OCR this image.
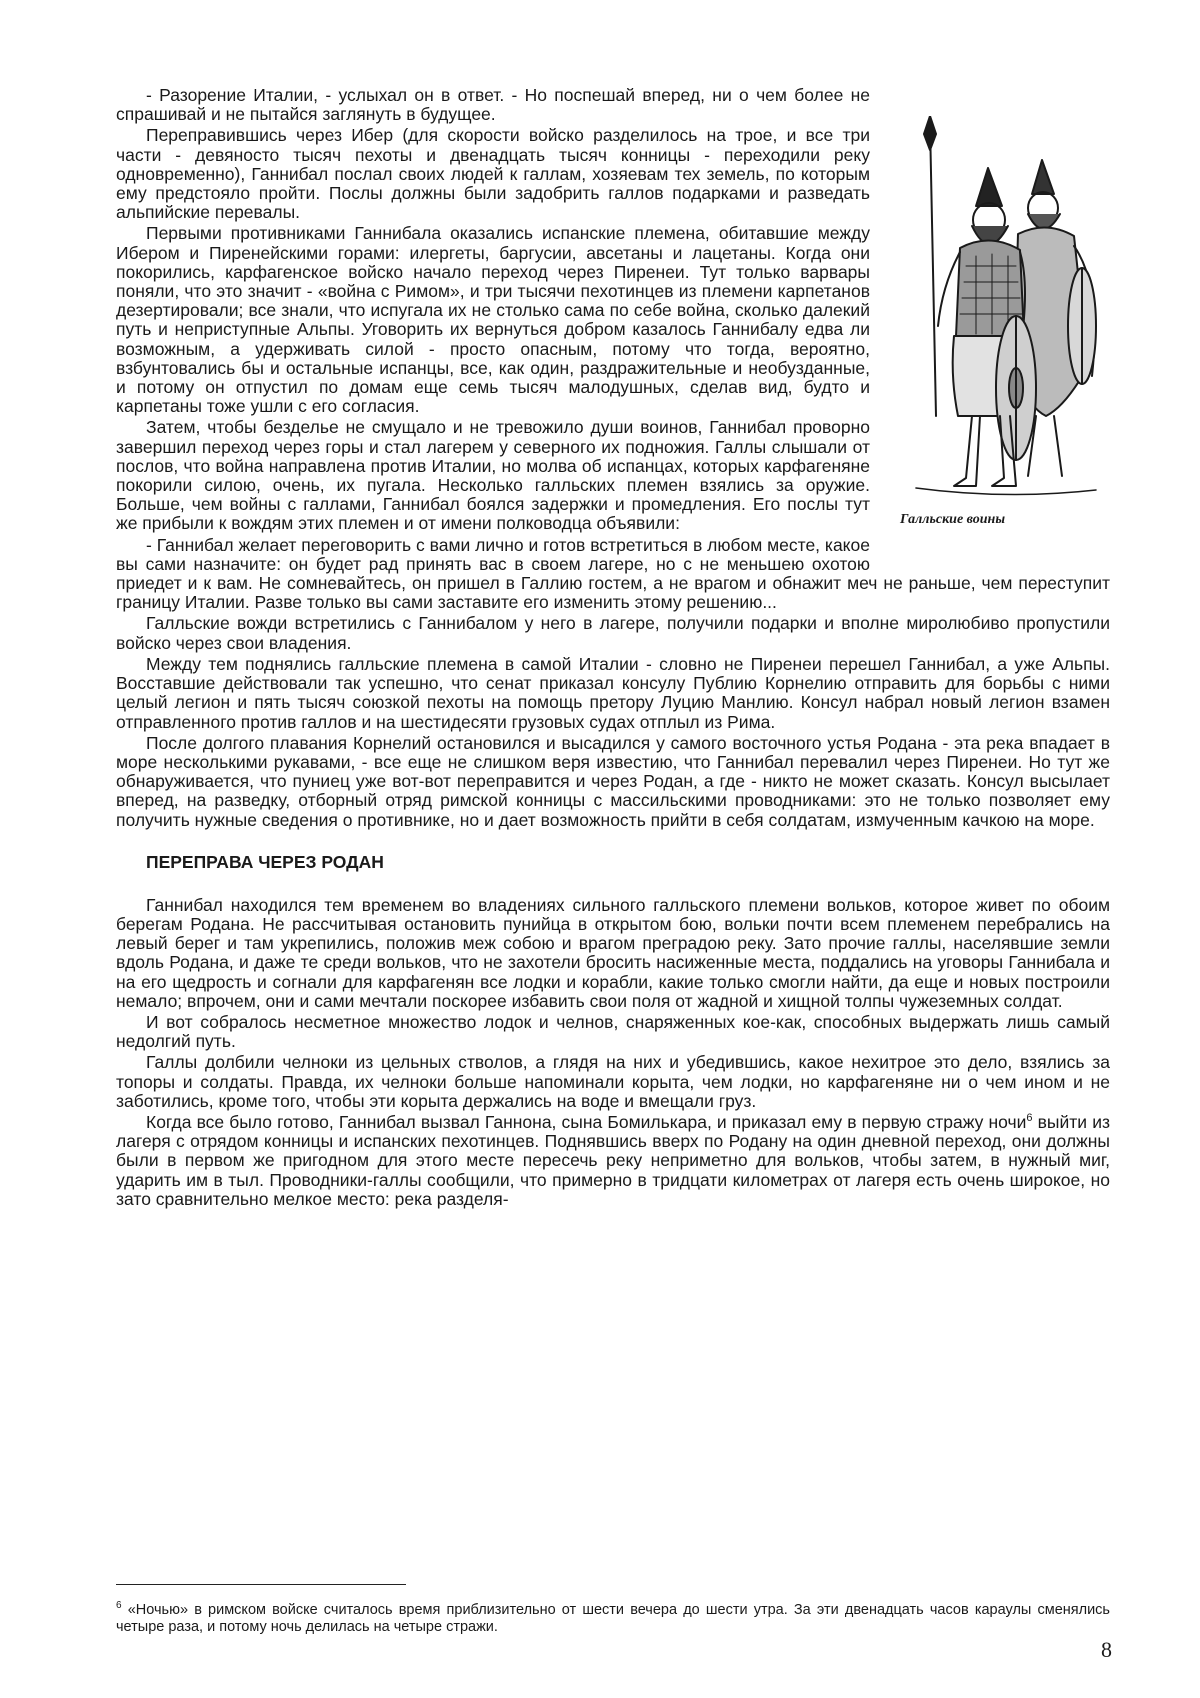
Галльские воины

- Разорение Италии, - услыхал он в ответ. - Но поспешай вперед, ни о чем более не спрашивай и не пытайся заглянуть в будущее.

Переправившись через Ибер (для скорости войско разделилось на трое, и все три части - девяносто тысяч пехоты и двенадцать тысяч конницы - переходили реку одновременно), Ганнибал послал своих людей к галлам, хозяевам тех земель, по которым ему предстояло пройти. Послы должны были задобрить галлов подарками и разведать альпийские перевалы.

Первыми противниками Ганнибала оказались испанские племена, обитавшие между Ибером и Пиренейскими горами: илергеты, баргусии, авсетаны и лацетаны. Когда они покорились, карфагенское войско начало переход через Пиренеи. Тут только варвары поняли, что это значит - «война с Римом», и три тысячи пехотинцев из племени карпетанов дезертировали; все знали, что испугала их не столько сама по себе война, сколько далекий путь и неприступные Альпы. Уговорить их вернуться добром казалось Ганнибалу едва ли возможным, а удерживать силой - просто опасным, потому что тогда, вероятно, взбунтовались бы и остальные испанцы, все, как один, раздражительные и необузданные, и потому он отпустил по домам еще семь тысяч малодушных, сделав вид, будто и карпетаны тоже ушли с его согласия.

Затем, чтобы безделье не смущало и не тревожило души воинов, Ганнибал проворно завершил переход через горы и стал лагерем у северного их подножия. Галлы слышали от послов, что война направлена против Италии, но молва об испанцах, которых карфагеняне покорили силою, очень, их пугала. Несколько галльских племен взялись за оружие. Больше, чем войны с галлами, Ганнибал боялся задержки и промедления. Его послы тут же прибыли к вождям этих племен и от имени полководца объявили:

- Ганнибал желает переговорить с вами лично и готов встретиться в любом месте, какое вы сами назначите: он будет рад принять вас в своем лагере, но с не меньшею охотою приедет и к вам. Не сомневайтесь, он пришел в Галлию гостем, а не врагом и обнажит меч не раньше, чем переступит границу Италии. Разве только вы сами заставите его изменить этому решению...

Галльские вожди встретились с Ганнибалом у него в лагере, получили подарки и вполне миролюбиво пропустили войско через свои владения.

Между тем поднялись галльские племена в самой Италии - словно не Пиренеи перешел Ганнибал, а уже Альпы. Восставшие действовали так успешно, что сенат приказал консулу Публию Корнелию отправить для борьбы с ними целый легион и пять тысяч союзкой пехоты на помощь претору Луцию Манлию. Консул набрал новый легион взамен отправленного против галлов и на шестидесяти грузовых судах отплыл из Рима.

После долгого плавания Корнелий остановился и высадился у самого восточного устья Родана - эта река впадает в море несколькими рукавами, - все еще не слишком веря известию, что Ганнибал перевалил через Пиренеи. Но тут же обнаруживается, что пуниец уже вот-вот переправится и через Родан, а где - никто не может сказать. Консул высылает вперед, на разведку, отборный отряд римской конницы с массильскими проводниками: это не только позволяет ему получить нужные сведения о противнике, но и дает возможность прийти в себя солдатам, измученным качкою на море.

ПЕРЕПРАВА ЧЕРЕЗ РОДАН

Ганнибал находился тем временем во владениях сильного галльского племени вольков, которое живет по обоим берегам Родана. Не рассчитывая остановить пунийца в открытом бою, вольки почти всем племенем перебрались на левый берег и там укрепились, положив меж собою и врагом преградою реку. Зато прочие галлы, населявшие земли вдоль Родана, и даже те среди вольков, что не захотели бросить насиженные места, поддались на уговоры Ганнибала и на его щедрость и согнали для карфагенян все лодки и корабли, какие только смогли найти, да еще и новых построили немало; впрочем, они и сами мечтали поскорее избавить свои поля от жадной и хищной толпы чужеземных солдат.

И вот собралось несметное множество лодок и челнов, снаряженных кое-как, способных выдержать лишь самый недолгий путь.

Галлы долбили челноки из цельных стволов, а глядя на них и убедившись, какое нехитрое это дело, взялись за топоры и солдаты. Правда, их челноки больше напоминали корыта, чем лодки, но карфагеняне ни о чем ином и не заботились, кроме того, чтобы эти корыта держались на воде и вмещали груз.

Когда все было готово, Ганнибал вызвал Ганнона, сына Бомилькара, и приказал ему в первую стражу ночи$^6$ выйти из лагеря с отрядом конницы и испанских пехотинцев. Поднявшись вверх по Родану на один дневной переход, они должны были в первом же пригодном для этого месте пересечь реку неприметно для вольков, чтобы затем, в нужный миг, ударить им в тыл. Проводники-галлы сообщили, что примерно в тридцати километрах от лагеря есть очень широкое, но зато сравнительно мелкое место: река разделя-

$^6$ «Ночью» в римском войске считалось время приблизительно от шести вечера до шести утра. За эти двенадцать часов караулы сменялись четыре раза, и потому ночь делилась на четыре стражи.
8
